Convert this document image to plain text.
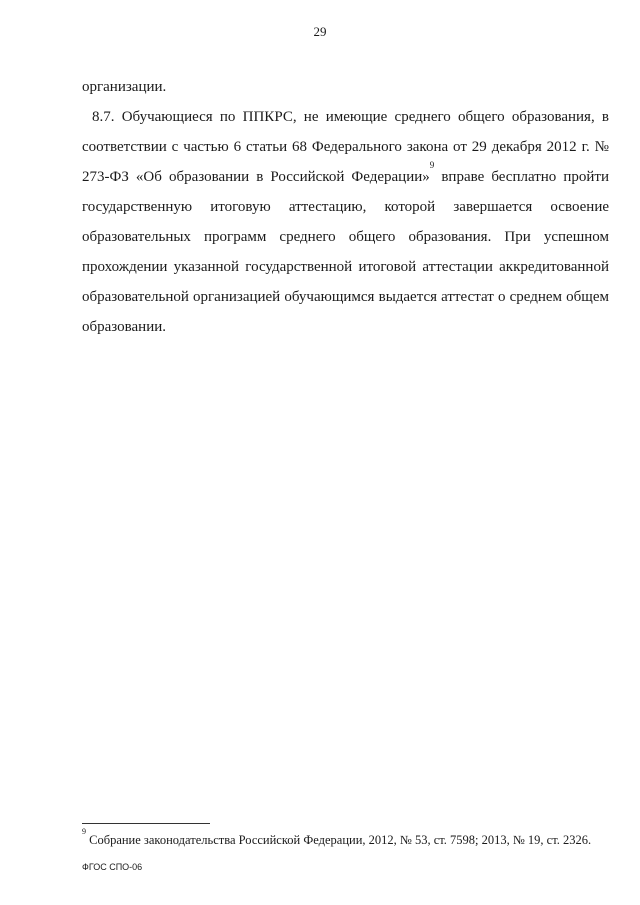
29

организации.

8.7. Обучающиеся по ППКРС, не имеющие среднего общего образования, в соответствии с частью 6 статьи 68 Федерального закона от 29 декабря 2012 г. № 273-ФЗ «Об образовании в Российской Федерации»$^9$ вправе бесплатно пройти государственную итоговую аттестацию, которой завершается освоение образовательных программ среднего общего образования. При успешном прохождении указанной государственной итоговой аттестации аккредитованной образовательной организацией обучающимся выдается аттестат о среднем общем образовании.

$^9$ Собрание законодательства Российской Федерации, 2012, № 53, ст. 7598; 2013, № 19, ст. 2326.
ФГОС СПО-06
